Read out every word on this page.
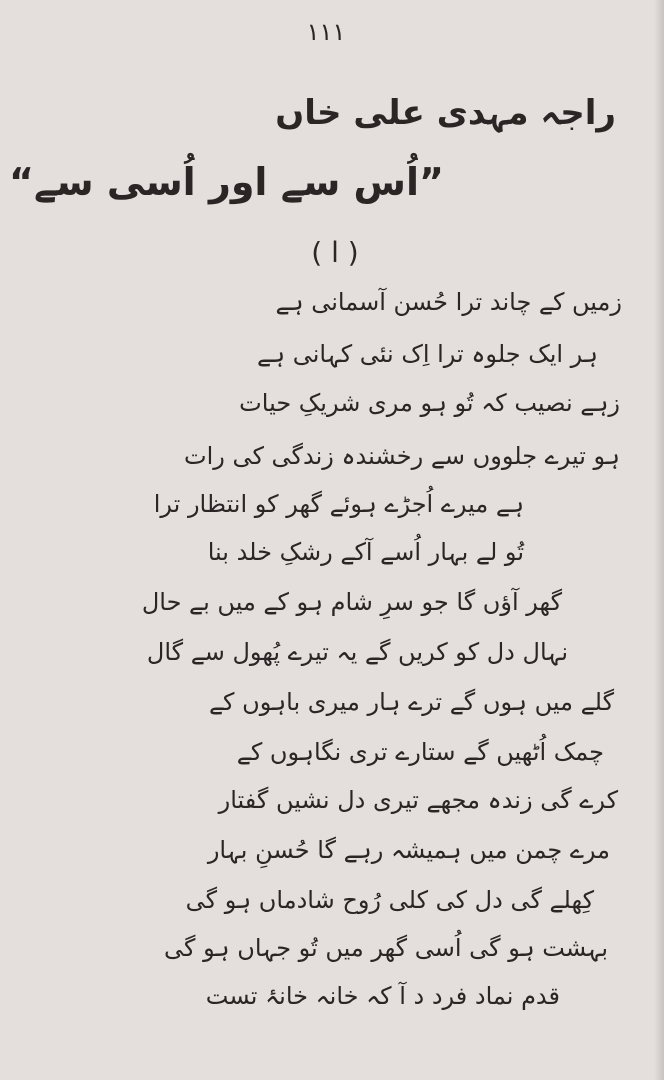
۱۱۱
راجہ مہدی علی خاں
”اُس سے اور اُسی سے“
( ا )
زمیں کے چاند ترا حُسن آسمانی ہے
ہر ایک جلوہ ترا اِک نئی کہانی ہے
زہے نصیب کہ تُو ہو مری شریکِ حیات
ہو تیرے جلووں سے رخشندہ زندگی کی رات
ہے میرے اُجڑے ہوئے گھر کو انتظار ترا
تُو لے بہار اُسے آکے رشکِ خلد بنا
گھر آؤں گا جو سرِ شام ہو کے میں بے حال
نہال دل کو کریں گے یہ تیرے پُھول سے گال
گلے میں ہوں گے ترے ہار میری باہوں کے
چمک اُٹھیں گے ستارے تری نگاہوں کے
کرے گی زندہ مجھے تیری دل نشیں گفتار
مرے چمن میں ہمیشہ رہے گا حُسنِ بہار
کِھلے گی دل کی کلی رُوح شادماں ہو گی
بہشت ہو گی اُسی گھر میں تُو جہاں ہو گی
قدم نماد فرد د آ کہ خانہ خانۂ تست
